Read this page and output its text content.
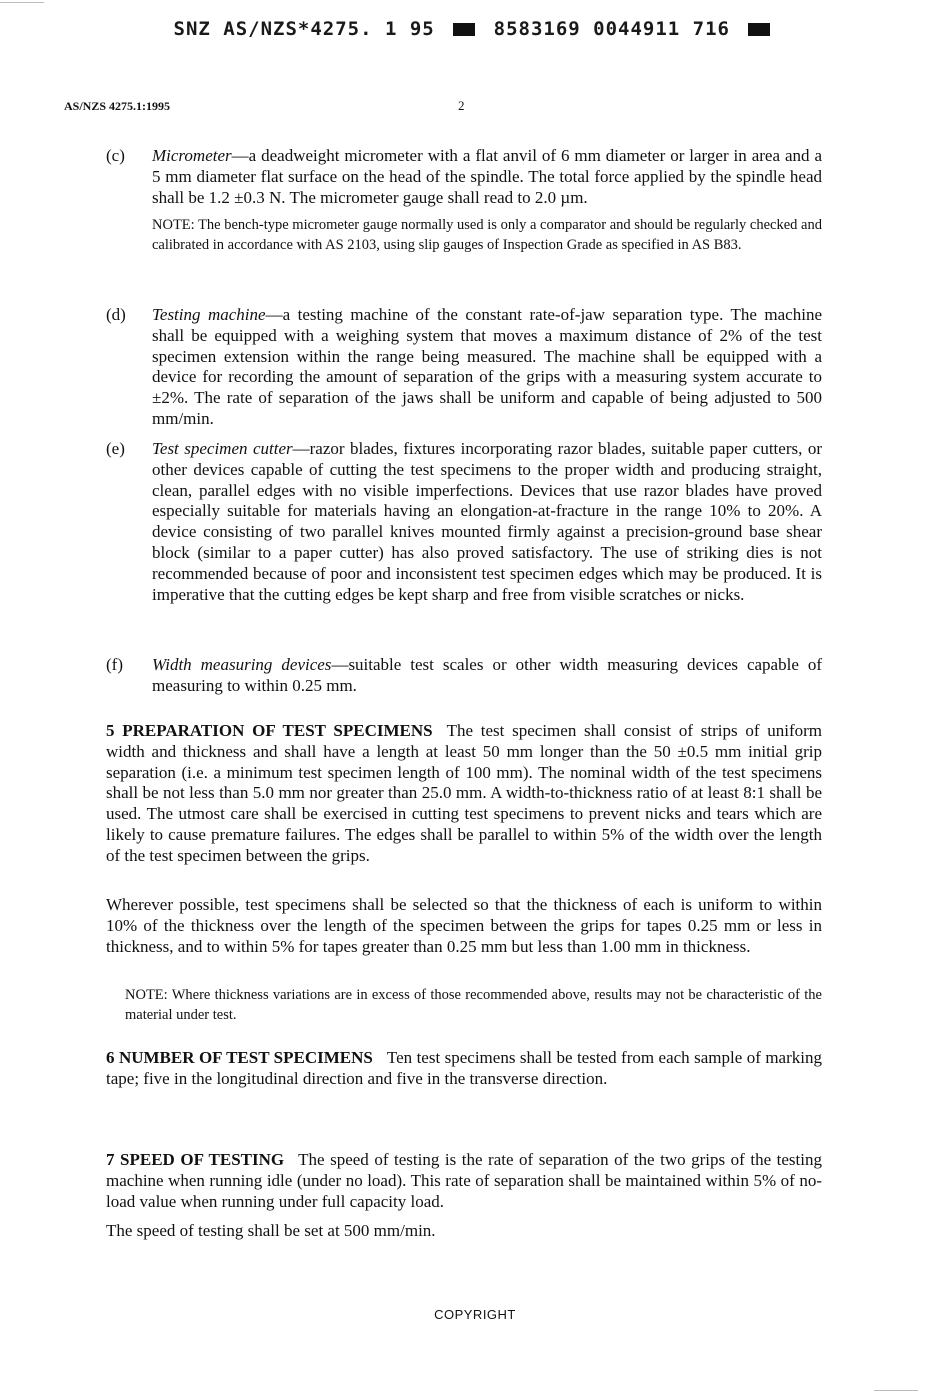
SNZ AS/NZS*4275. 1 95	8583169 0044911 716
AS/NZS 4275.1:1995	2
(c) Micrometer—a deadweight micrometer with a flat anvil of 6 mm diameter or larger in area and a 5 mm diameter flat surface on the head of the spindle. The total force applied by the spindle head shall be 1.2 ±0.3 N. The micrometer gauge shall read to 2.0 µm.
NOTE: The bench-type micrometer gauge normally used is only a comparator and should be regularly checked and calibrated in accordance with AS 2103, using slip gauges of Inspection Grade as specified in AS B83.
(d) Testing machine—a testing machine of the constant rate-of-jaw separation type. The machine shall be equipped with a weighing system that moves a maximum distance of 2% of the test specimen extension within the range being measured. The machine shall be equipped with a device for recording the amount of separation of the grips with a measuring system accurate to ±2%. The rate of separation of the jaws shall be uniform and capable of being adjusted to 500 mm/min.
(e) Test specimen cutter—razor blades, fixtures incorporating razor blades, suitable paper cutters, or other devices capable of cutting the test specimens to the proper width and producing straight, clean, parallel edges with no visible imperfections. Devices that use razor blades have proved especially suitable for materials having an elongation-at-fracture in the range 10% to 20%. A device consisting of two parallel knives mounted firmly against a precision-ground base shear block (similar to a paper cutter) has also proved satisfactory. The use of striking dies is not recommended because of poor and inconsistent test specimen edges which may be produced. It is imperative that the cutting edges be kept sharp and free from visible scratches or nicks.
(f) Width measuring devices—suitable test scales or other width measuring devices capable of measuring to within 0.25 mm.
5 PREPARATION OF TEST SPECIMENS The test specimen shall consist of strips of uniform width and thickness and shall have a length at least 50 mm longer than the 50 ±0.5 mm initial grip separation (i.e. a minimum test specimen length of 100 mm). The nominal width of the test specimens shall be not less than 5.0 mm nor greater than 25.0 mm. A width-to-thickness ratio of at least 8:1 shall be used. The utmost care shall be exercised in cutting test specimens to prevent nicks and tears which are likely to cause premature failures. The edges shall be parallel to within 5% of the width over the length of the test specimen between the grips.
Wherever possible, test specimens shall be selected so that the thickness of each is uniform to within 10% of the thickness over the length of the specimen between the grips for tapes 0.25 mm or less in thickness, and to within 5% for tapes greater than 0.25 mm but less than 1.00 mm in thickness.
NOTE: Where thickness variations are in excess of those recommended above, results may not be characteristic of the material under test.
6 NUMBER OF TEST SPECIMENS Ten test specimens shall be tested from each sample of marking tape; five in the longitudinal direction and five in the transverse direction.
7 SPEED OF TESTING The speed of testing is the rate of separation of the two grips of the testing machine when running idle (under no load). This rate of separation shall be maintained within 5% of no-load value when running under full capacity load.
The speed of testing shall be set at 500 mm/min.
COPYRIGHT
